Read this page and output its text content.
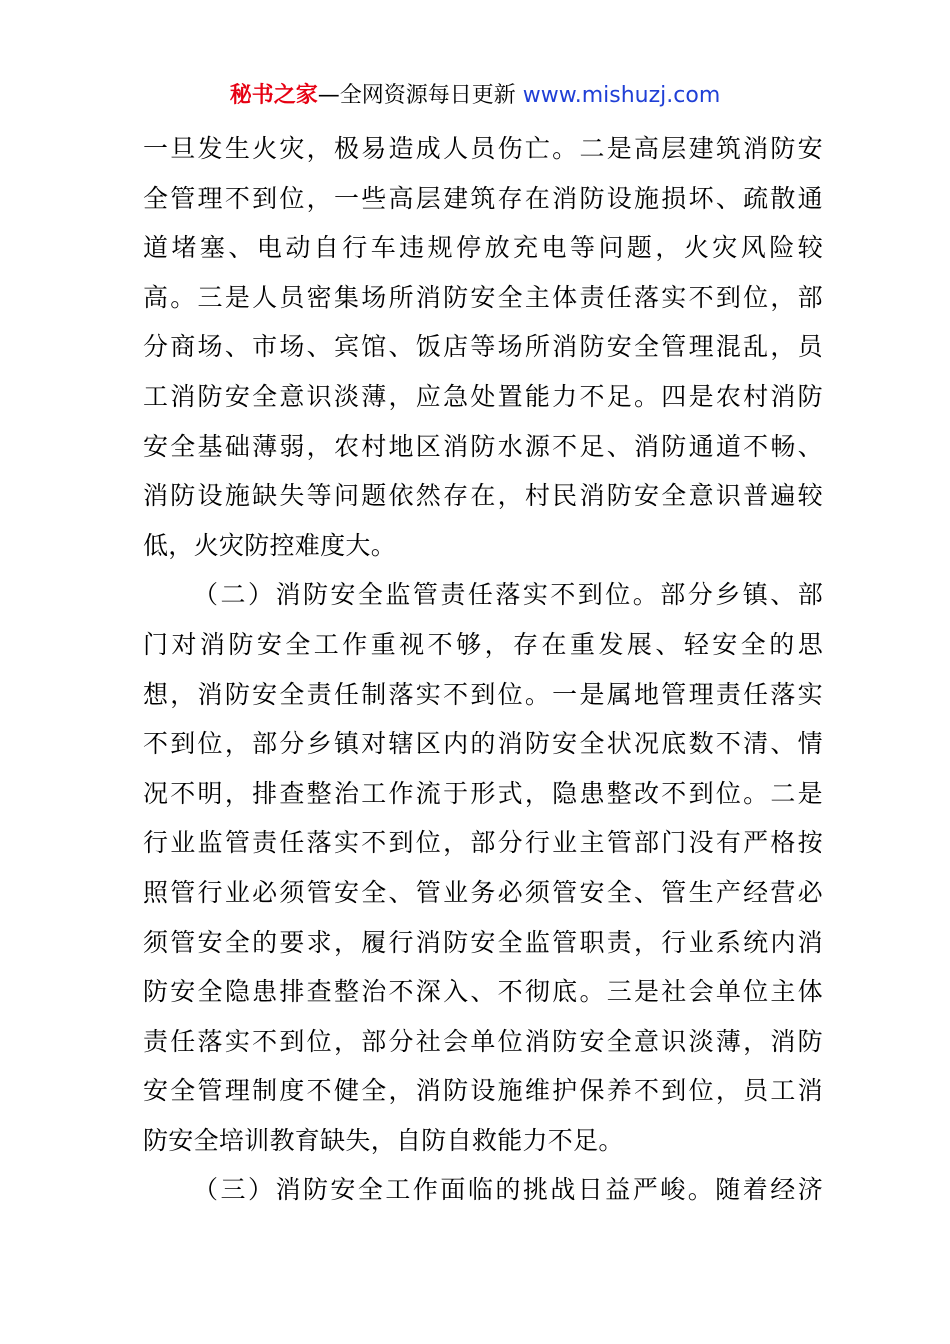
秘书之家—全网资源每日更新 www.mishuzj.com
一旦发生火灾，极易造成人员伤亡。二是高层建筑消防安
全管理不到位，一些高层建筑存在消防设施损坏、疏散通
道堵塞、电动自行车违规停放充电等问题，火灾风险较
高。三是人员密集场所消防安全主体责任落实不到位，部
分商场、市场、宾馆、饭店等场所消防安全管理混乱，员
工消防安全意识淡薄，应急处置能力不足。四是农村消防
安全基础薄弱，农村地区消防水源不足、消防通道不畅、
消防设施缺失等问题依然存在，村民消防安全意识普遍较
低，火灾防控难度大。
（二）消防安全监管责任落实不到位。部分乡镇、部
门对消防安全工作重视不够，存在重发展、轻安全的思
想，消防安全责任制落实不到位。一是属地管理责任落实
不到位，部分乡镇对辖区内的消防安全状况底数不清、情
况不明，排查整治工作流于形式，隐患整改不到位。二是
行业监管责任落实不到位，部分行业主管部门没有严格按
照管行业必须管安全、管业务必须管安全、管生产经营必
须管安全的要求，履行消防安全监管职责，行业系统内消
防安全隐患排查整治不深入、不彻底。三是社会单位主体
责任落实不到位，部分社会单位消防安全意识淡薄，消防
安全管理制度不健全，消防设施维护保养不到位，员工消
防安全培训教育缺失，自防自救能力不足。
（三）消防安全工作面临的挑战日益严峻。随着经济
